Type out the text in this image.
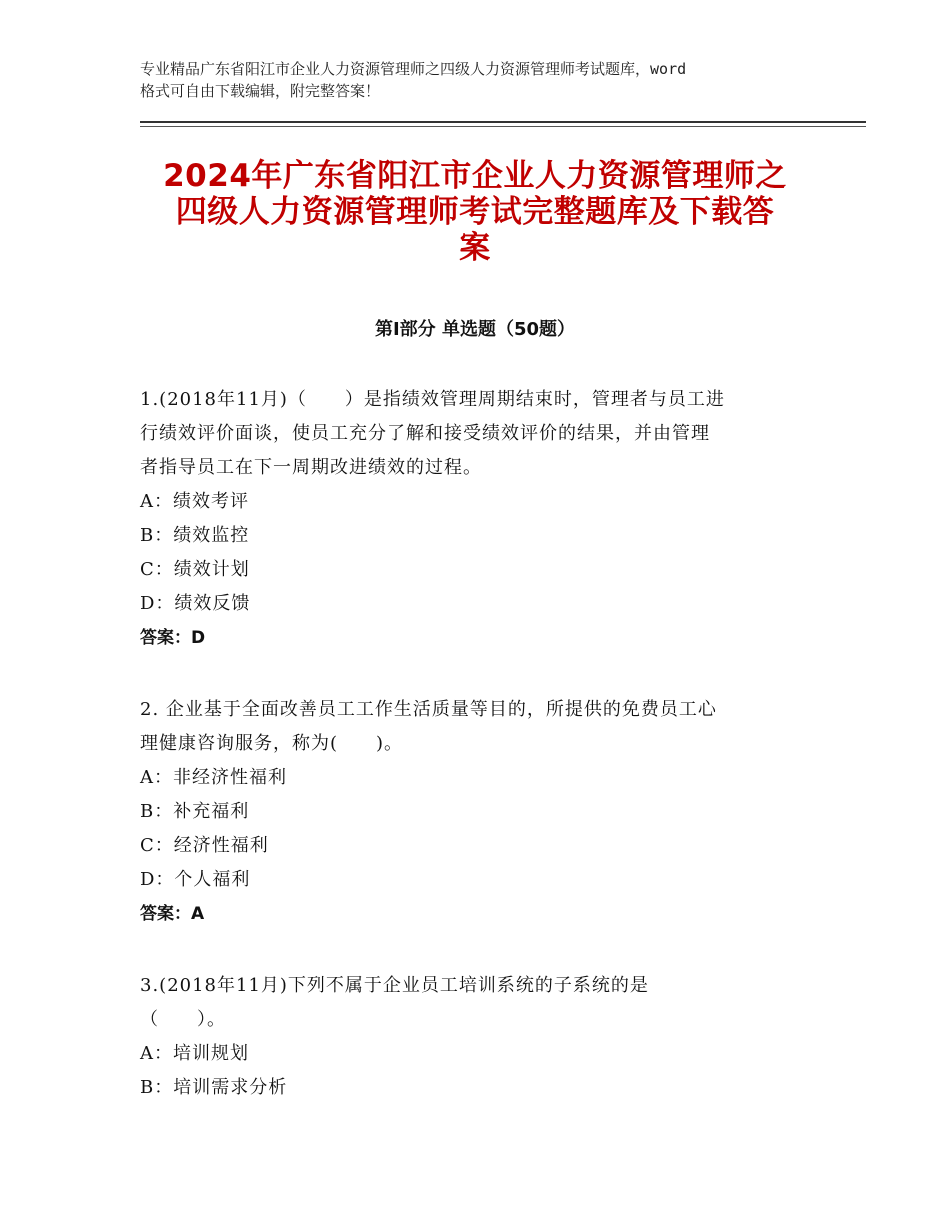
专业精品广东省阳江市企业人力资源管理师之四级人力资源管理师考试题库，word
格式可自由下载编辑，附完整答案！
2024年广东省阳江市企业人力资源管理师之
四级人力资源管理师考试完整题库及下载答
案
第Ⅰ部分 单选题（50题）
1.(2018年11月)（　　）是指绩效管理周期结束时，管理者与员工进
行绩效评价面谈，使员工充分了解和接受绩效评价的结果，并由管理
者指导员工在下一周期改进绩效的过程。
A：绩效考评
B：绩效监控
C：绩效计划
D：绩效反馈
答案：D
2. 企业基于全面改善员工工作生活质量等目的，所提供的免费员工心
理健康咨询服务，称为(　　)。
A：非经济性福利
B：补充福利
C：经济性福利
D：个人福利
答案：A
3.(2018年11月)下列不属于企业员工培训系统的子系统的是
（　　）。
A：培训规划
B：培训需求分析
